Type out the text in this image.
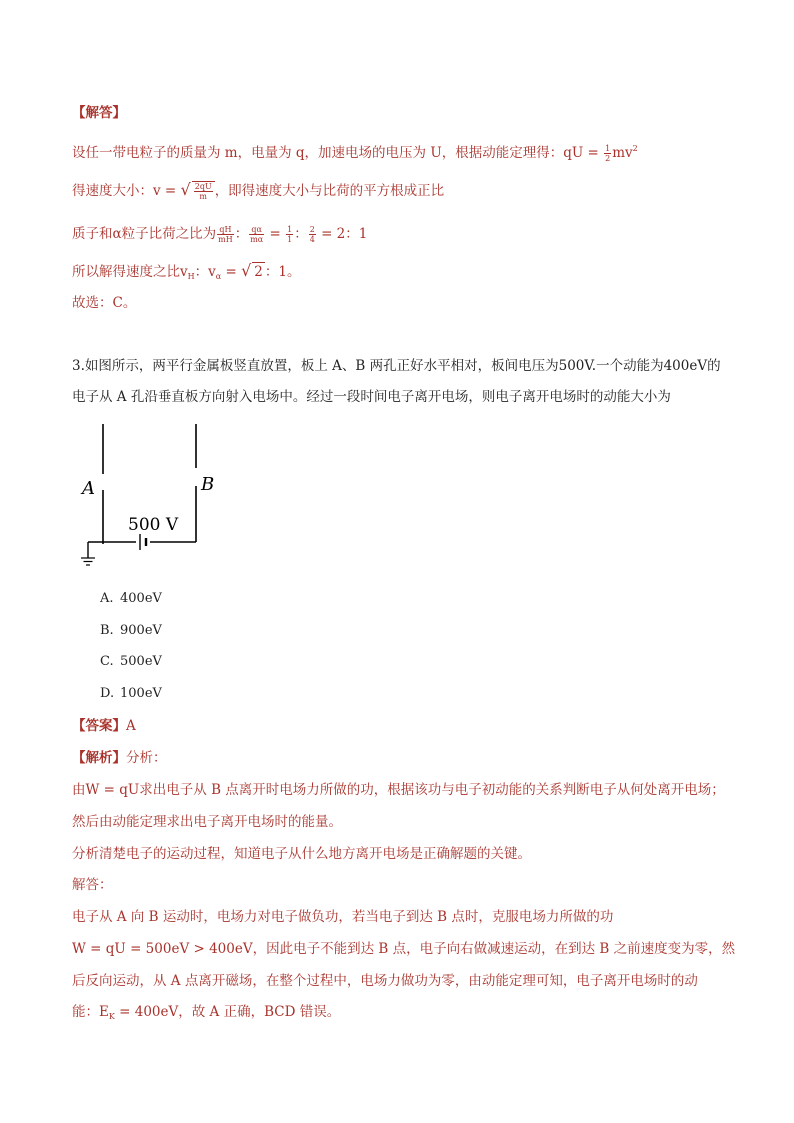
【解答】
设任一带电粒子的质量为 m，电量为 q，加速电场的电压为 U，根据动能定理得：qU = $\frac{1}{2} mv^2$
得速度大小：v = √ $\frac{2qU}{m}$ ，即得速度大小与比荷的平方根成正比
质子和α粒子比荷之比为 $\frac{qH}{mH}$ ： $\frac{q\alpha}{m\alpha} = \frac{1}{1}$ ： $\frac{2}{4} = 2$：1
所以解得速度之比$v_H$：$v_\alpha$ = √ 2 ：1。
故选：C。
3.如图所示，两平行金属板竖直放置，板上 A、B 两孔正好水平相对，板间电压为500V.一个动能为400eV的
电子从 A 孔沿垂直板方向射入电场中。经过一段时间电子离开电场，则电子离开电场时的动能大小为
A	B
500 V
A. 400eV
B. 900eV
C. 500eV
D. 100eV
【答案】A
【解析】分析：
由W = qU求出电子从 B 点离开时电场力所做的功，根据该功与电子初动能的关系判断电子从何处离开电场；
然后由动能定理求出电子离开电场时的能量。
分析清楚电子的运动过程，知道电子从什么地方离开电场是正确解题的关键。
解答：
电子从 A 向 B 运动时，电场力对电子做负功，若当电子到达 B 点时，克服电场力所做的功
W = qU = 500eV > 400eV，因此电子不能到达 B 点，电子向右做减速运动，在到达 B 之前速度变为零，然
后反向运动，从 A 点离开磁场，在整个过程中，电场力做功为零，由动能定理可知，电子离开电场时的动
能：$E_K = 400eV$，故 A 正确，BCD 错误。
